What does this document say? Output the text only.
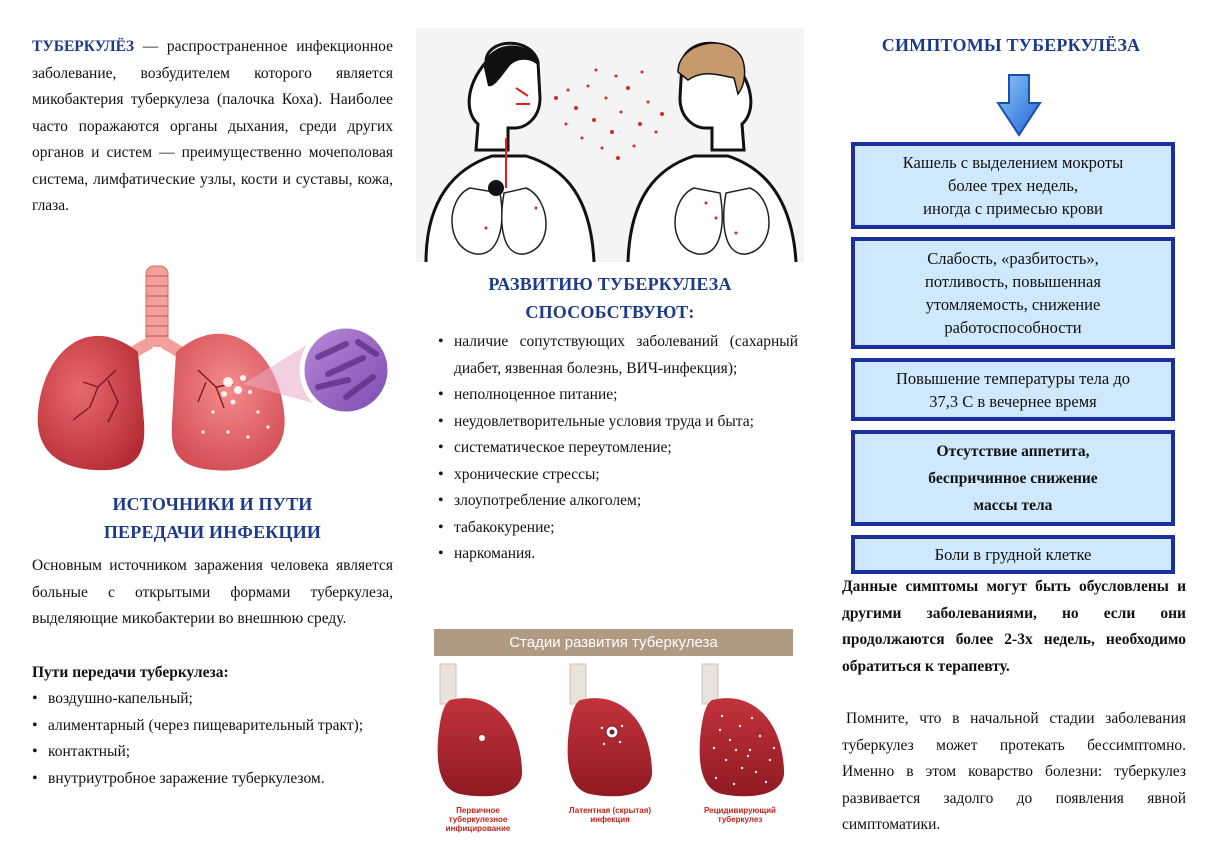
ТУБЕРКУЛЁЗ — распространенное инфекционное заболевание, возбудителем которого является микобактерия туберкулеза (палочка Коха). Наиболее часто поражаются органы дыхания, среди других органов и систем — преимущественно мочеполовая система, лимфатические узлы, кости и суставы, кожа, глаза.
ИСТОЧНИКИ И ПУТИ
ПЕРЕДАЧИ ИНФЕКЦИИ
Основным источником заражения человека является больные с открытыми формами туберкулеза, выделяющие микобактерии во внешнюю среду.
Пути передачи туберкулеза:
• воздушно-капельный;
• алиментарный (через пищеварительный тракт);
• контактный;
• внутриутробное заражение туберкулезом.
РАЗВИТИЮ ТУБЕРКУЛЕЗА
СПОСОБСТВУЮТ:
• наличие сопутствующих заболеваний (сахарный диабет, язвенная болезнь, ВИЧ-инфекция);
• неполноценное питание;
• неудовлетворительные условия труда и быта;
• систематическое переутомление;
• хронические стрессы;
• злоупотребление алкоголем;
• табакокурение;
• наркомания.
Стадии развития туберкулеза
Первичное туберкулезное инфицирование
Латентная (скрытая) инфекция
Рецидивирующий туберкулез
СИМПТОМЫ ТУБЕРКУЛЁЗА
Кашель с выделением мокроты
более трех недель,
иногда с примесью крови
Слабость, «разбитость»,
потливость, повышенная
утомляемость, снижение
работоспособности
Повышение температуры тела до
37,3 С в вечернее время
Отсутствие аппетита,
беспричинное снижение
массы тела
Боли в грудной клетке
Данные симптомы могут быть обусловлены и другими заболеваниями, но если они продолжаются более 2-3х недель, необходимо обратиться к терапевту.
Помните, что в начальной стадии заболевания туберкулез может протекать бессимптомно. Именно в этом коварство болезни: туберкулез развивается задолго до появления явной симптоматики.
